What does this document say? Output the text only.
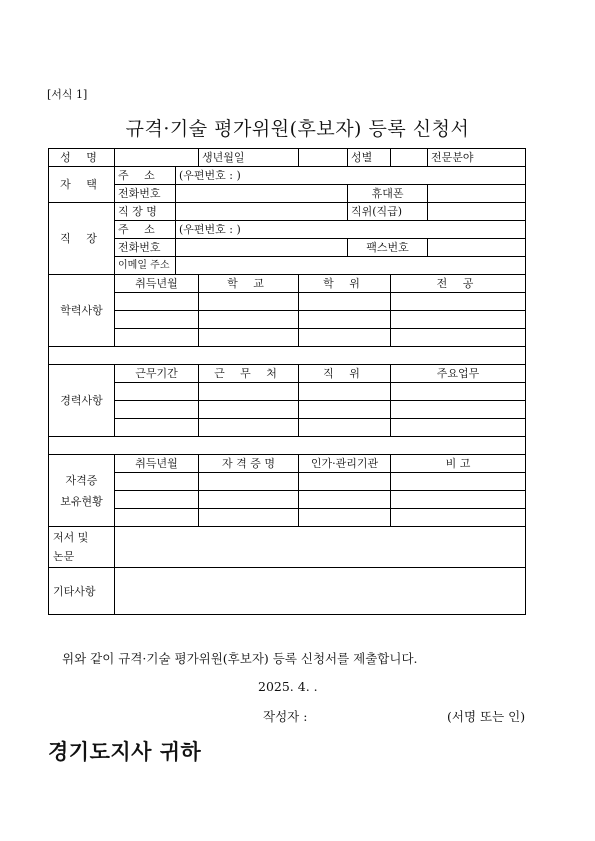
[서식 1]
규격·기술 평가위원(후보자) 등록 신청서
성 명			생년월일		성별		전문분야
자 택	주 소	(우편번호 : )					
	전화번호				휴대폰		
직 장	직 장 명				직위(직급)		
	주 소	(우편번호 : )					
	전화번호				팩스번호		
	이메일 주소						
학력사항	취득년월		학 교	학 위		전 공	

경력사항	근무기간		근 무 처	직 위		주요업무	

자격증
보유현황	취득년월		자 격 증 명	인가·관리기관		비 고	

저서 및
논문							

기타사항							
위와 같이 규격·기술 평가위원(후보자) 등록 신청서를 제출합니다.
2025. 4. .
작성자 :	(서명 또는 인)
경기도지사 귀하
